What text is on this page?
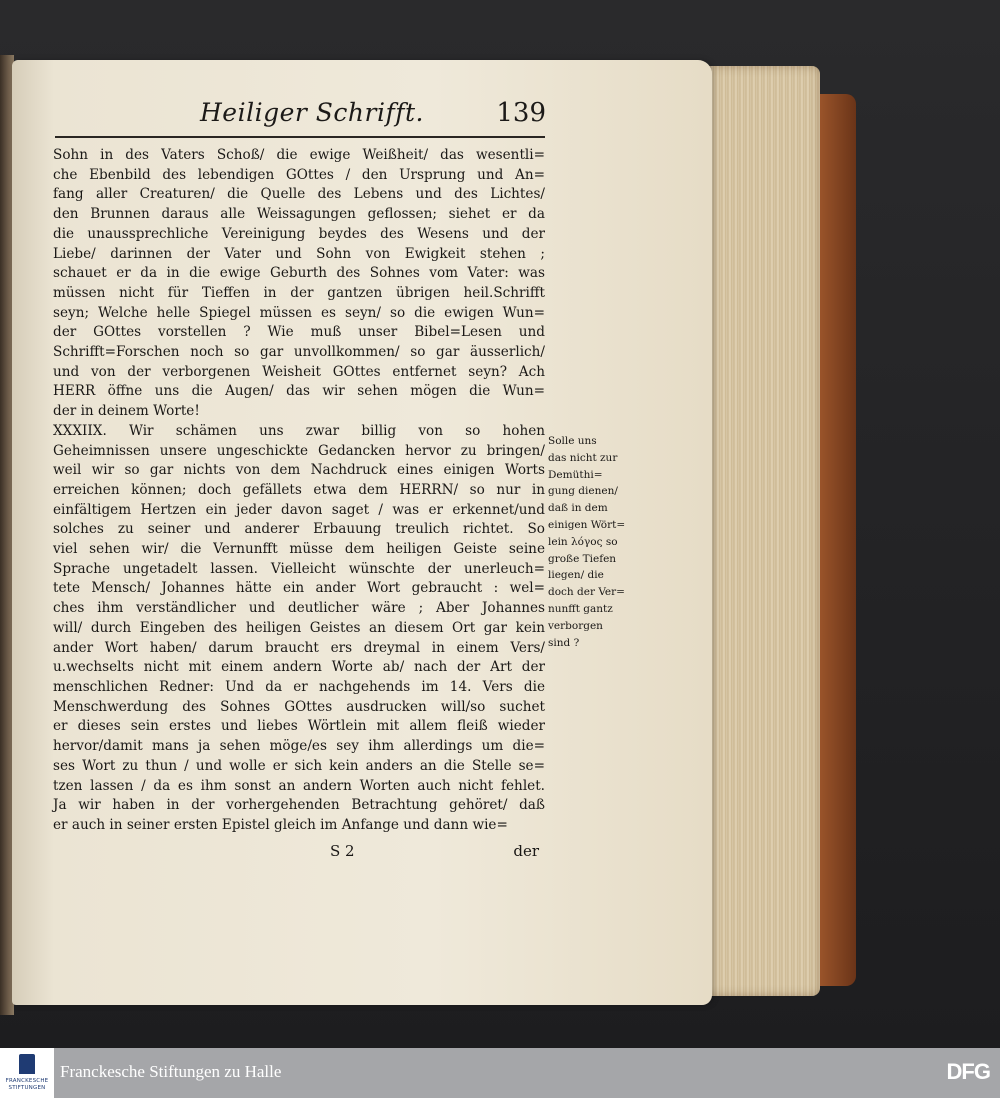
Heiliger Schrifft.	139
Sohn in des Vaters Schoß/ die ewige Weißheit/ das wesentli=
che Ebenbild des lebendigen GOttes / den Ursprung und An=
fang aller Creaturen/ die Quelle des Lebens und des Lichtes/
den Brunnen daraus alle Weissagungen geflossen; siehet er da
die unaussprechliche Vereinigung beydes des Wesens und der
Liebe/ darinnen der Vater und Sohn von Ewigkeit stehen ;
schauet er da in die ewige Geburth des Sohnes vom Vater: was
müssen nicht für Tieffen in der gantzen übrigen heil.Schrifft
seyn; Welche helle Spiegel müssen es seyn/ so die ewigen Wun=
der GOttes vorstellen ? Wie muß unser Bibel=Lesen und
Schrifft=Forschen noch so gar unvollkommen/ so gar äusserlich/
und von der verborgenen Weisheit GOttes entfernet seyn? Ach
HERR öffne uns die Augen/ das wir sehen mögen die Wun=
der in deinem Worte!
XXXIIX. Wir schämen uns zwar billig von so hohen
Geheimnissen unsere ungeschickte Gedancken hervor zu bringen/
weil wir so gar nichts von dem Nachdruck eines einigen Worts
erreichen können; doch gefällets etwa dem HERRN/ so nur in
einfältigem Hertzen ein jeder davon saget / was er erkennet/und
solches zu seiner und anderer Erbauung treulich richtet. So
viel sehen wir/ die Vernunfft müsse dem heiligen Geiste seine
Sprache ungetadelt lassen. Vielleicht wünschte der unerleuch=
tete Mensch/ Johannes hätte ein ander Wort gebraucht : wel=
ches ihm verständlicher und deutlicher wäre ; Aber Johannes
will/ durch Eingeben des heiligen Geistes an diesem Ort gar kein
ander Wort haben/ darum braucht ers dreymal in einem Vers/
u.wechselts nicht mit einem andern Worte ab/ nach der Art der
menschlichen Redner: Und da er nachgehends im 14. Vers die
Menschwerdung des Sohnes GOttes ausdrucken will/so suchet
er dieses sein erstes und liebes Wörtlein mit allem fleiß wieder
hervor/damit mans ja sehen möge/es sey ihm allerdings um die=
ses Wort zu thun / und wolle er sich kein anders an die Stelle se=
tzen lassen / da es ihm sonst an andern Worten auch nicht fehlet.
Ja wir haben in der vorhergehenden Betrachtung gehöret/ daß
er auch in seiner ersten Epistel gleich im Anfange und dann wie=
Solle uns
das nicht zur
Demüthi=
gung dienen/
daß in dem
einigen Wört=
lein λόγος so
große Tiefen
liegen/ die
doch der Ver=
nunfft gantz
verborgen
sind ?
S 2	der
FRANCKESCHE STIFTUNGEN
Franckesche Stiftungen zu Halle	DFG
